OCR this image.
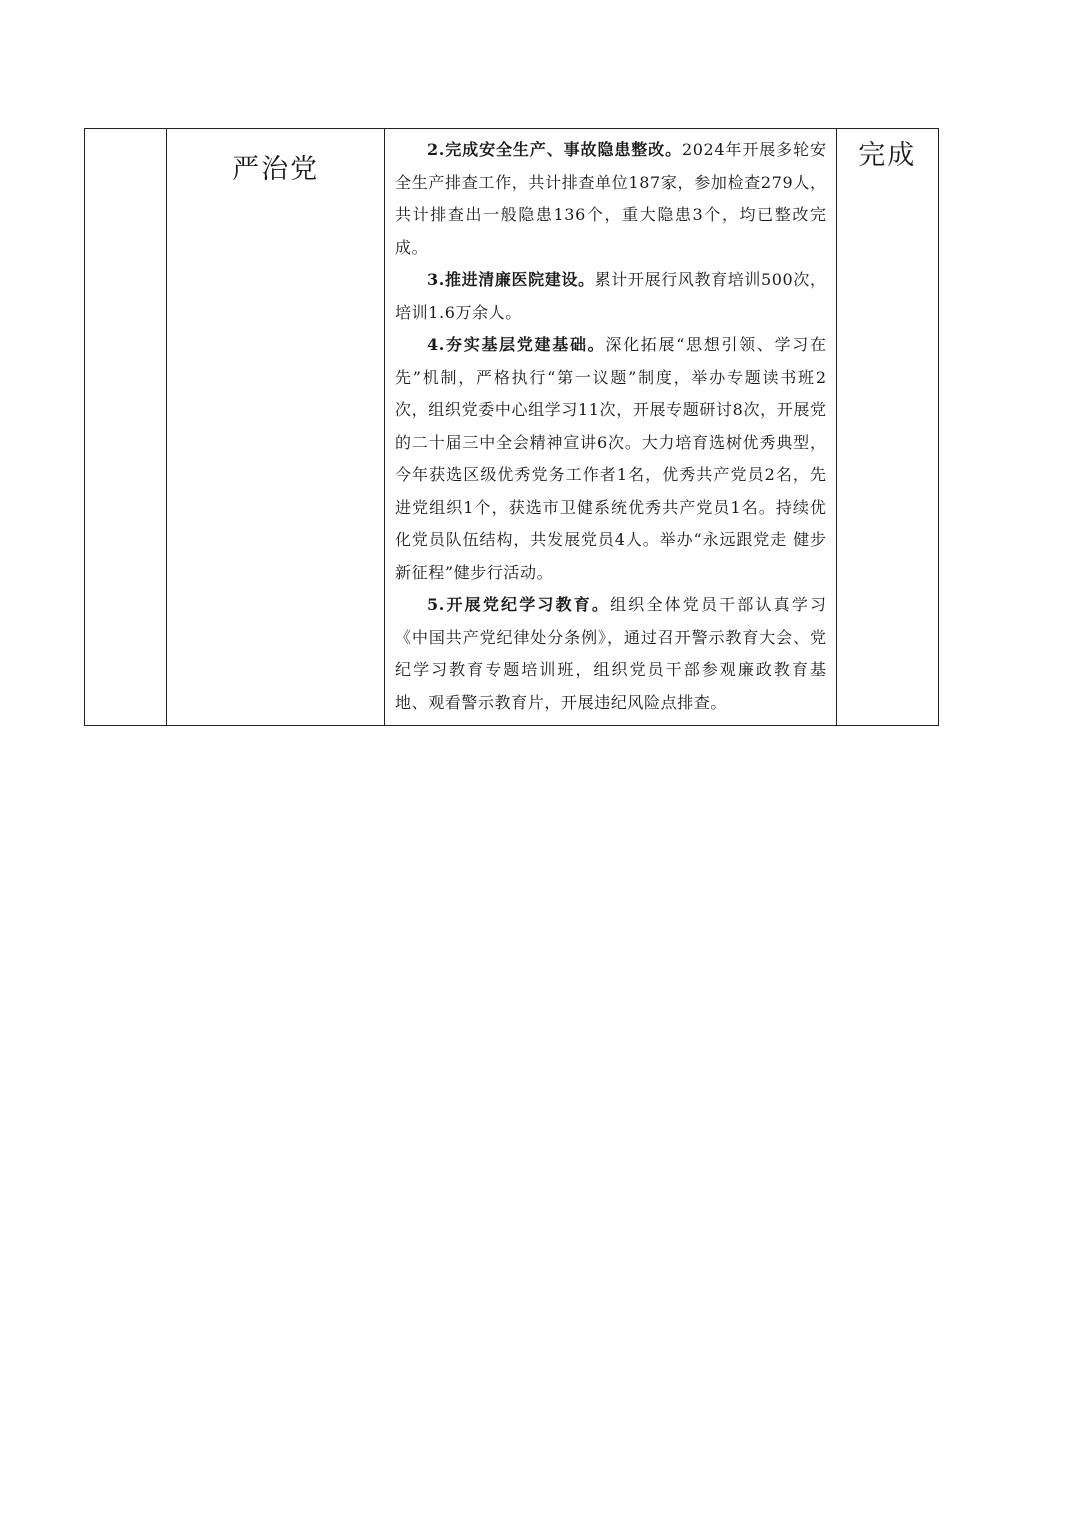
	严治党	

2.完成安全生产、事故隐患整改。2024年开展多轮安全生产排查工作，共计排查单位187家，参加检查279人，共计排查出一般隐患136个，重大隐患3个，均已整改完成。

3.推进清廉医院建设。累计开展行风教育培训500次，培训1.6万余人。

4.夯实基层党建基础。深化拓展“思想引领、学习在先”机制，严格执行“第一议题”制度，举办专题读书班2次，组织党委中心组学习11次，开展专题研讨8次，开展党的二十届三中全会精神宣讲6次。大力培育选树优秀典型，今年获选区级优秀党务工作者1名，优秀共产党员2名，先进党组织1个，获选市卫健系统优秀共产党员1名。持续优化党员队伍结构，共发展党员4人。举办“永远跟党走 健步新征程”健步行活动。

5.开展党纪学习教育。组织全体党员干部认真学习《中国共产党纪律处分条例》，通过召开警示教育大会、党纪学习教育专题培训班，组织党员干部参观廉政教育基地、观看警示教育片，开展违纪风险点排查。

	完成
